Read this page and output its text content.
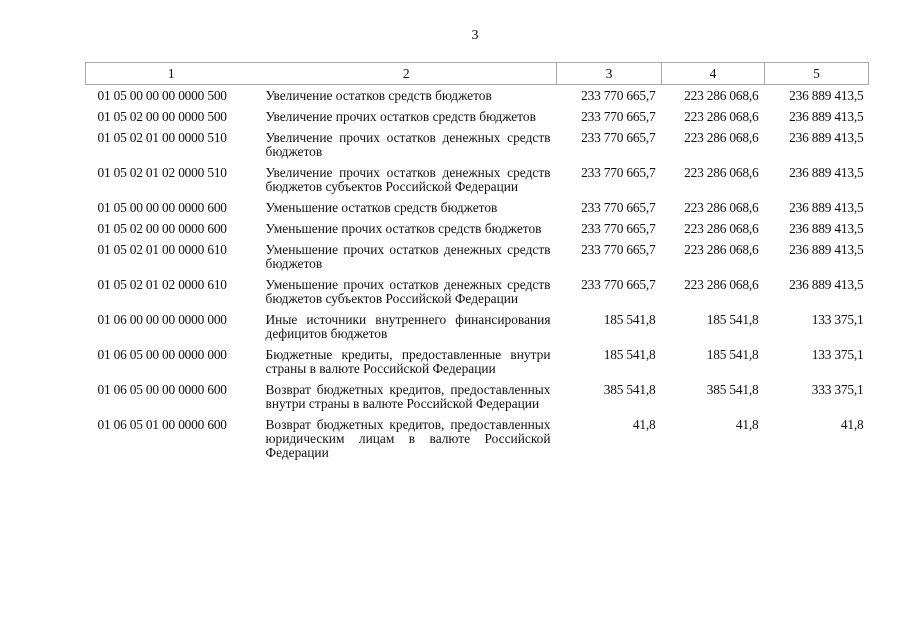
3
1	2	3	4	5
01 05 00 00 00 0000 500	Увеличение остатков средств бюджетов	233 770 665,7	223 286 068,6	236 889 413,5
01 05 02 00 00 0000 500	Увеличение прочих остатков средств бюджетов	233 770 665,7	223 286 068,6	236 889 413,5
01 05 02 01 00 0000 510	Увеличение прочих остатков денежных средств бюджетов	233 770 665,7	223 286 068,6	236 889 413,5
01 05 02 01 02 0000 510	Увеличение прочих остатков денежных средств бюджетов субъектов Российской Федерации	233 770 665,7	223 286 068,6	236 889 413,5
01 05 00 00 00 0000 600	Уменьшение остатков средств бюджетов	233 770 665,7	223 286 068,6	236 889 413,5
01 05 02 00 00 0000 600	Уменьшение прочих остатков средств бюджетов	233 770 665,7	223 286 068,6	236 889 413,5
01 05 02 01 00 0000 610	Уменьшение прочих остатков денежных средств бюджетов	233 770 665,7	223 286 068,6	236 889 413,5
01 05 02 01 02 0000 610	Уменьшение прочих остатков денежных средств бюджетов субъектов Российской Федерации	233 770 665,7	223 286 068,6	236 889 413,5
01 06 00 00 00 0000 000	Иные источники внутреннего финансирования дефицитов бюджетов	185 541,8	185 541,8	133 375,1
01 06 05 00 00 0000 000	Бюджетные кредиты, предоставленные внутри страны в валюте Российской Федерации	185 541,8	185 541,8	133 375,1
01 06 05 00 00 0000 600	Возврат бюджетных кредитов, предоставленных внутри страны в валюте Российской Федерации	385 541,8	385 541,8	333 375,1
01 06 05 01 00 0000 600	Возврат бюджетных кредитов, предоставленных юридическим лицам в валюте Российской Федерации	41,8	41,8	41,8
